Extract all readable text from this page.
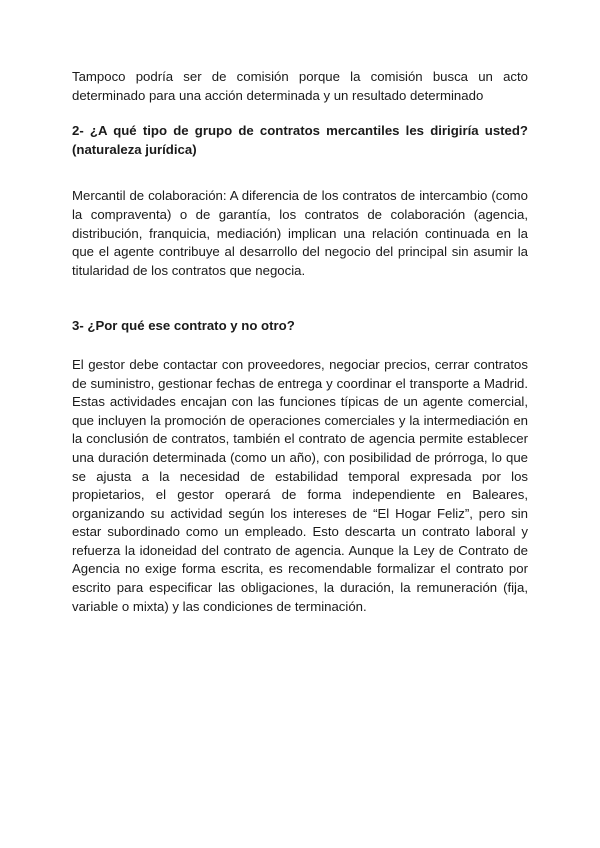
Tampoco podría ser de comisión porque la comisión busca un acto determinado para una acción determinada y un resultado determinado

2- ¿A qué tipo de grupo de contratos mercantiles les dirigiría usted? (naturaleza jurídica)

Mercantil de colaboración: A diferencia de los contratos de intercambio (como la compraventa) o de garantía, los contratos de colaboración (agencia, distribución, franquicia, mediación) implican una relación continuada en la que el agente contribuye al desarrollo del negocio del principal sin asumir la titularidad de los contratos que negocia.

3- ¿Por qué ese contrato y no otro?

El gestor debe contactar con proveedores, negociar precios, cerrar contratos de suministro, gestionar fechas de entrega y coordinar el transporte a Madrid. Estas actividades encajan con las funciones típicas de un agente comercial, que incluyen la promoción de operaciones comerciales y la intermediación en la conclusión de contratos, también el contrato de agencia permite establecer una duración determinada (como un año), con posibilidad de prórroga, lo que se ajusta a la necesidad de estabilidad temporal expresada por los propietarios, el gestor operará de forma independiente en Baleares, organizando su actividad según los intereses de “El Hogar Feliz”, pero sin estar subordinado como un empleado. Esto descarta un contrato laboral y refuerza la idoneidad del contrato de agencia. Aunque la Ley de Contrato de Agencia no exige forma escrita, es recomendable formalizar el contrato por escrito para especificar las obligaciones, la duración, la remuneración (fija, variable o mixta) y las condiciones de terminación.
